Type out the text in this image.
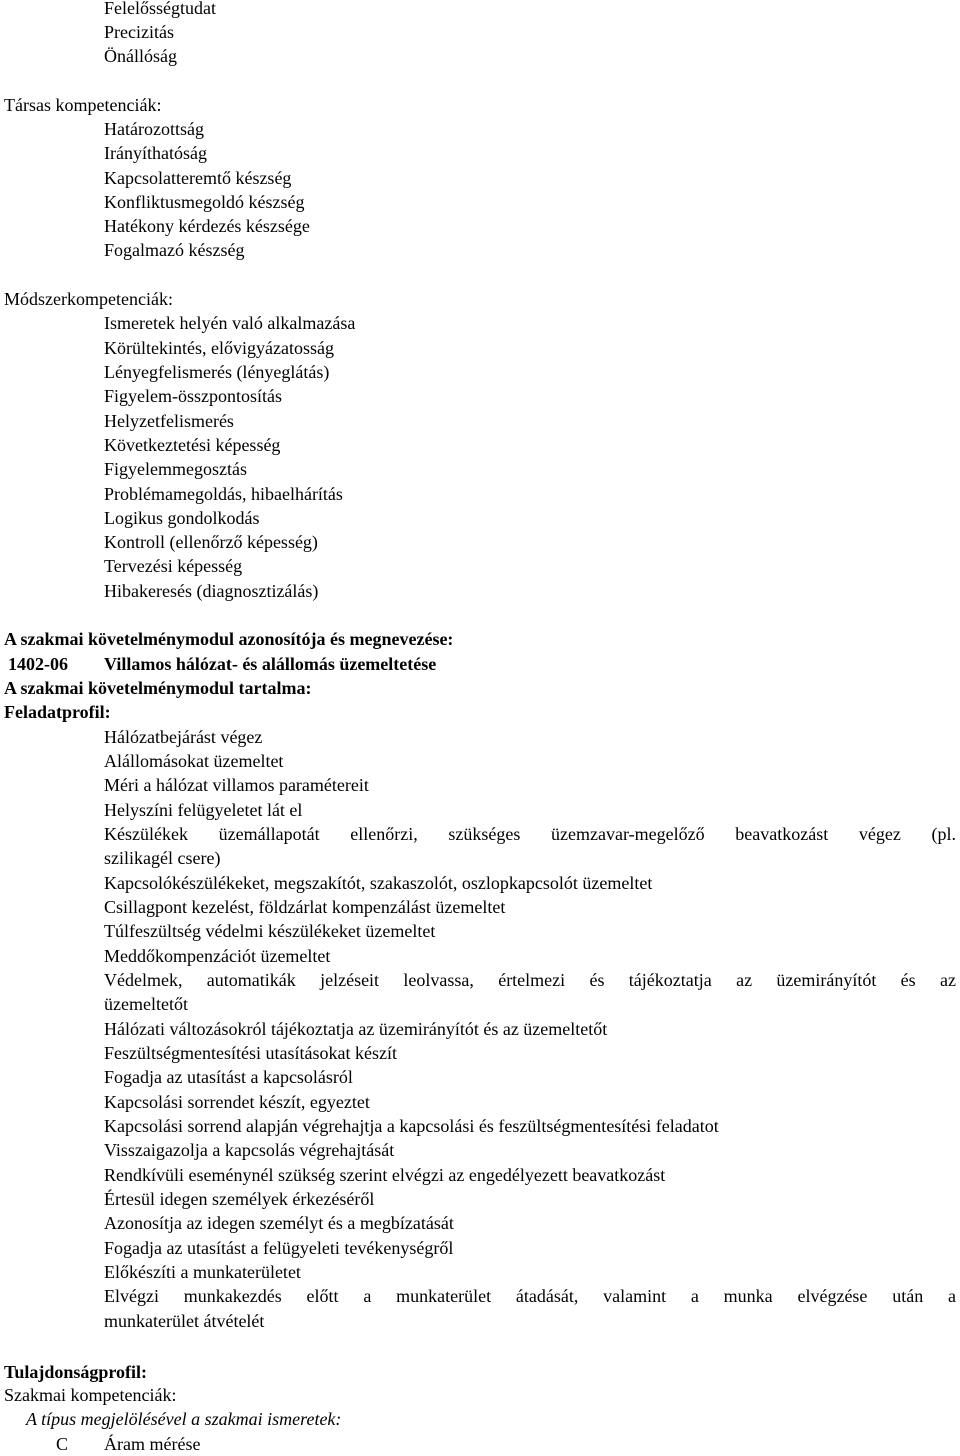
Felelősségtudat
Precizitás
Önállóság
Társas kompetenciák:
Határozottság
Irányíthatóság
Kapcsolatteremtő készség
Konfliktusmegoldó készség
Hatékony kérdezés készsége
Fogalmazó készség
Módszerkompetenciák:
Ismeretek helyén való alkalmazása
Körültekintés, elővigyázatosság
Lényegfelismerés (lényeglátás)
Figyelem-összpontosítás
Helyzetfelismerés
Következtetési képesség
Figyelemmegosztás
Problémamegoldás, hibaelhárítás
Logikus gondolkodás
Kontroll (ellenőrző képesség)
Tervezési képesség
Hibakeresés (diagnosztizálás)
A szakmai követelménymodul azonosítója és megnevezése:
1402-06 Villamos hálózat- és alállomás üzemeltetése
A szakmai követelménymodul tartalma:
Feladatprofil:
Hálózatbejárást végez
Alállomásokat üzemeltet
Méri a hálózat villamos paramétereit
Helyszíni felügyeletet lát el
Készülékek üzemállapotát ellenőrzi, szükséges üzemzavar-megelőző beavatkozást végez (pl.
szilikagél csere)
Kapcsolókészülékeket, megszakítót, szakaszolót, oszlopkapcsolót üzemeltet
Csillagpont kezelést, földzárlat kompenzálást üzemeltet
Túlfeszültség védelmi készülékeket üzemeltet
Meddőkompenzációt üzemeltet
Védelmek, automatikák jelzéseit leolvassa, értelmezi és tájékoztatja az üzemirányítót és az
üzemeltetőt
Hálózati változásokról tájékoztatja az üzemirányítót és az üzemeltetőt
Feszültségmentesítési utasításokat készít
Fogadja az utasítást a kapcsolásról
Kapcsolási sorrendet készít, egyeztet
Kapcsolási sorrend alapján végrehajtja a kapcsolási és feszültségmentesítési feladatot
Visszaigazolja a kapcsolás végrehajtását
Rendkívüli eseménynél szükség szerint elvégzi az engedélyezett beavatkozást
Értesül idegen személyek érkezéséről
Azonosítja az idegen személyt és a megbízatását
Fogadja az utasítást a felügyeleti tevékenységről
Előkészíti a munkaterületet
Elvégzi munkakezdés előtt a munkaterület átadását, valamint a munka elvégzése után a
munkaterület átvételét
Tulajdonságprofil:
Szakmai kompetenciák:
A típus megjelölésével a szakmai ismeretek:
C Áram mérése
